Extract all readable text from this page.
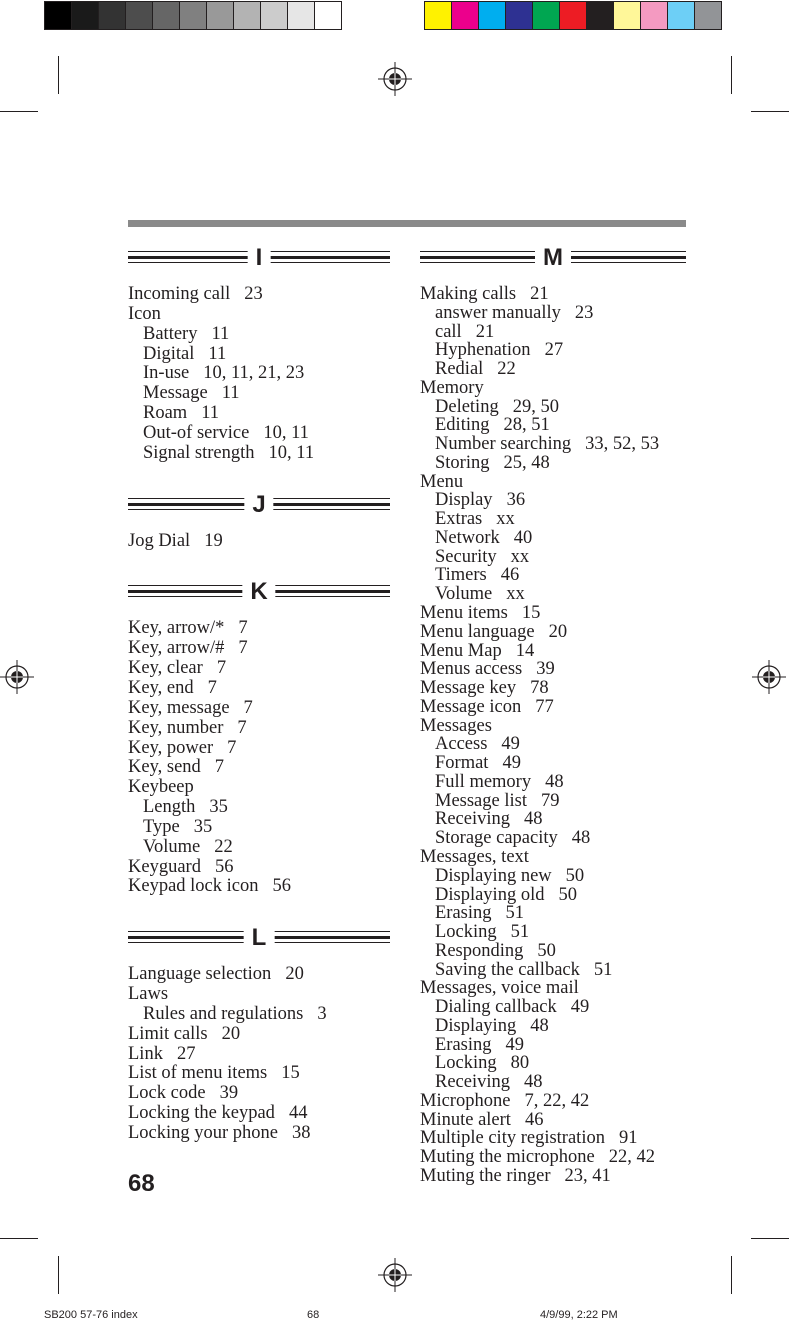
I
Incoming call 23
Icon
Battery 11
Digital 11
In-use 10, 11, 21, 23
Message 11
Roam 11
Out-of service 10, 11
Signal strength 10, 11
J
Jog Dial 19
K
Key, arrow/* 7
Key, arrow/# 7
Key, clear 7
Key, end 7
Key, message 7
Key, number 7
Key, power 7
Key, send 7
Keybeep
Length 35
Type 35
Volume 22
Keyguard 56
Keypad lock icon 56
L
Language selection 20
Laws
Rules and regulations 3
Limit calls 20
Link 27
List of menu items 15
Lock code 39
Locking the keypad 44
Locking your phone 38
M
Making calls 21
answer manually 23
call 21
Hyphenation 27
Redial 22
Memory
Deleting 29, 50
Editing 28, 51
Number searching 33, 52, 53
Storing 25, 48
Menu
Display 36
Extras xx
Network 40
Security xx
Timers 46
Volume xx
Menu items 15
Menu language 20
Menu Map 14
Menus access 39
Message key 78
Message icon 77
Messages
Access 49
Format 49
Full memory 48
Message list 79
Receiving 48
Storage capacity 48
Messages, text
Displaying new 50
Displaying old 50
Erasing 51
Locking 51
Responding 50
Saving the callback 51
Messages, voice mail
Dialing callback 49
Displaying 48
Erasing 49
Locking 80
Receiving 48
Microphone 7, 22, 42
Minute alert 46
Multiple city registration 91
Muting the microphone 22, 42
Muting the ringer 23, 41
68
SB200 57-76 index	68	4/9/99, 2:22 PM
